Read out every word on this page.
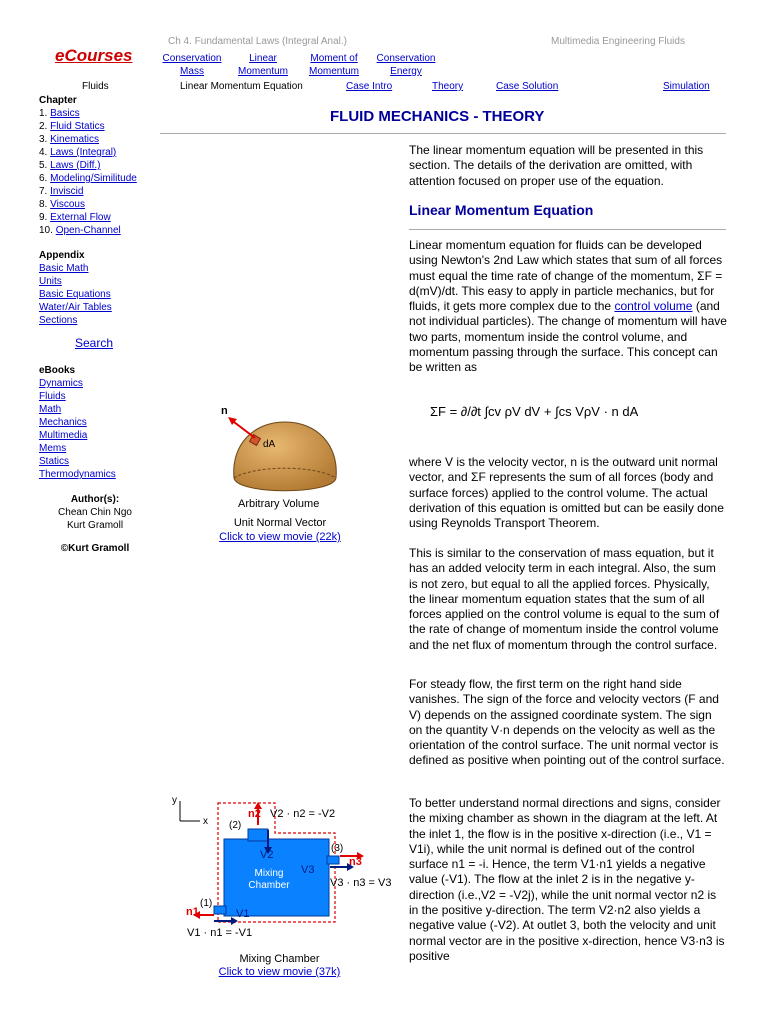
Ch 4. Fundamental Laws (Integral Anal.)	Multimedia Engineering Fluids
eCourses	Conservation
Mass
Linear
Momentum
Moment of
Momentum
Conservation
Energy
Fluids	Linear Momentum Equation	Case Intro	Theory	Case Solution	Simulation
Chapter
1. Basics
2. Fluid Statics
3. Kinematics
4. Laws (Integral)
5. Laws (Diff.)
6. Modeling/Similitude
7. Inviscid
8. Viscous
9. External Flow
10. Open-Channel
Appendix
Basic Math
Units
Basic Equations
Water/Air Tables
Sections
Search
eBooks
Dynamics
Fluids
Math
Mechanics
Multimedia
Mems
Statics
Thermodynamics
Author(s):
Chean Chin Ngo
Kurt Gramoll
©Kurt Gramoll
FLUID MECHANICS - THEORY
The linear momentum equation will be presented in this section. The details of the derivation are omitted, with attention focused on proper use of the equation.
Linear Momentum Equation
Linear momentum equation for fluids can be developed using Newton's 2nd Law which states that sum of all forces must equal the time rate of change of the momentum, ΣF = d(mV)/dt. This easy to apply in particle mechanics, but for fluids, it gets more complex due to the control volume (and not individual particles). The change of momentum will have two parts, momentum inside the control volume, and momentum passing through the surface. This concept can be written as
ΣF = ∂/∂t ∫cv ρV dV + ∫cs VρV · n dA
where V is the velocity vector, n is the outward unit normal vector, and ΣF represents the sum of all forces (body and surface forces) applied to the control volume. The actual derivation of this equation is omitted but can be easily done using Reynolds Transport Theorem.
This is similar to the conservation of mass equation, but it has an added velocity term in each integral. Also, the sum is not zero, but equal to all the applied forces. Physically, the linear momentum equation states that the sum of all forces applied on the control volume is equal to the sum of the rate of change of momentum inside the control volume and the net flux of momentum through the control surface.
For steady flow, the first term on the right hand side vanishes. The sign of the force and velocity vectors (F and V) depends on the assigned coordinate system. The sign on the quantity V·n depends on the velocity as well as the orientation of the control surface. The unit normal vector is defined as positive when pointing out of the control surface.
To better understand normal directions and signs, consider the mixing chamber as shown in the diagram at the left. At the inlet 1, the flow is in the positive x-direction (i.e., V1 = V1i), while the unit normal is defined out of the control surface n1 = -i. Hence, the term V1·n1 yields a negative value (-V1). The flow at the inlet 2 is in the negative y-direction (i.e.,V2 = -V2j), while the unit normal vector n2 is in the positive y-direction. The term V2·n2 also yields a negative value (-V2). At outlet 3, both the velocity and unit normal vector are in the positive x-direction, hence V3·n3 is positive
n
dA
Arbitrary Volume
Unit Normal Vector
Click to view movie (22k)
y
x (2)
n2 V2 · n2 = -V2
V2
Mixing
Chamber
(3)
n3
V3
V3 · n3 = V3
(1)
n1	V1
V1 · n1 = -V1
Mixing Chamber
Click to view movie (37k)
